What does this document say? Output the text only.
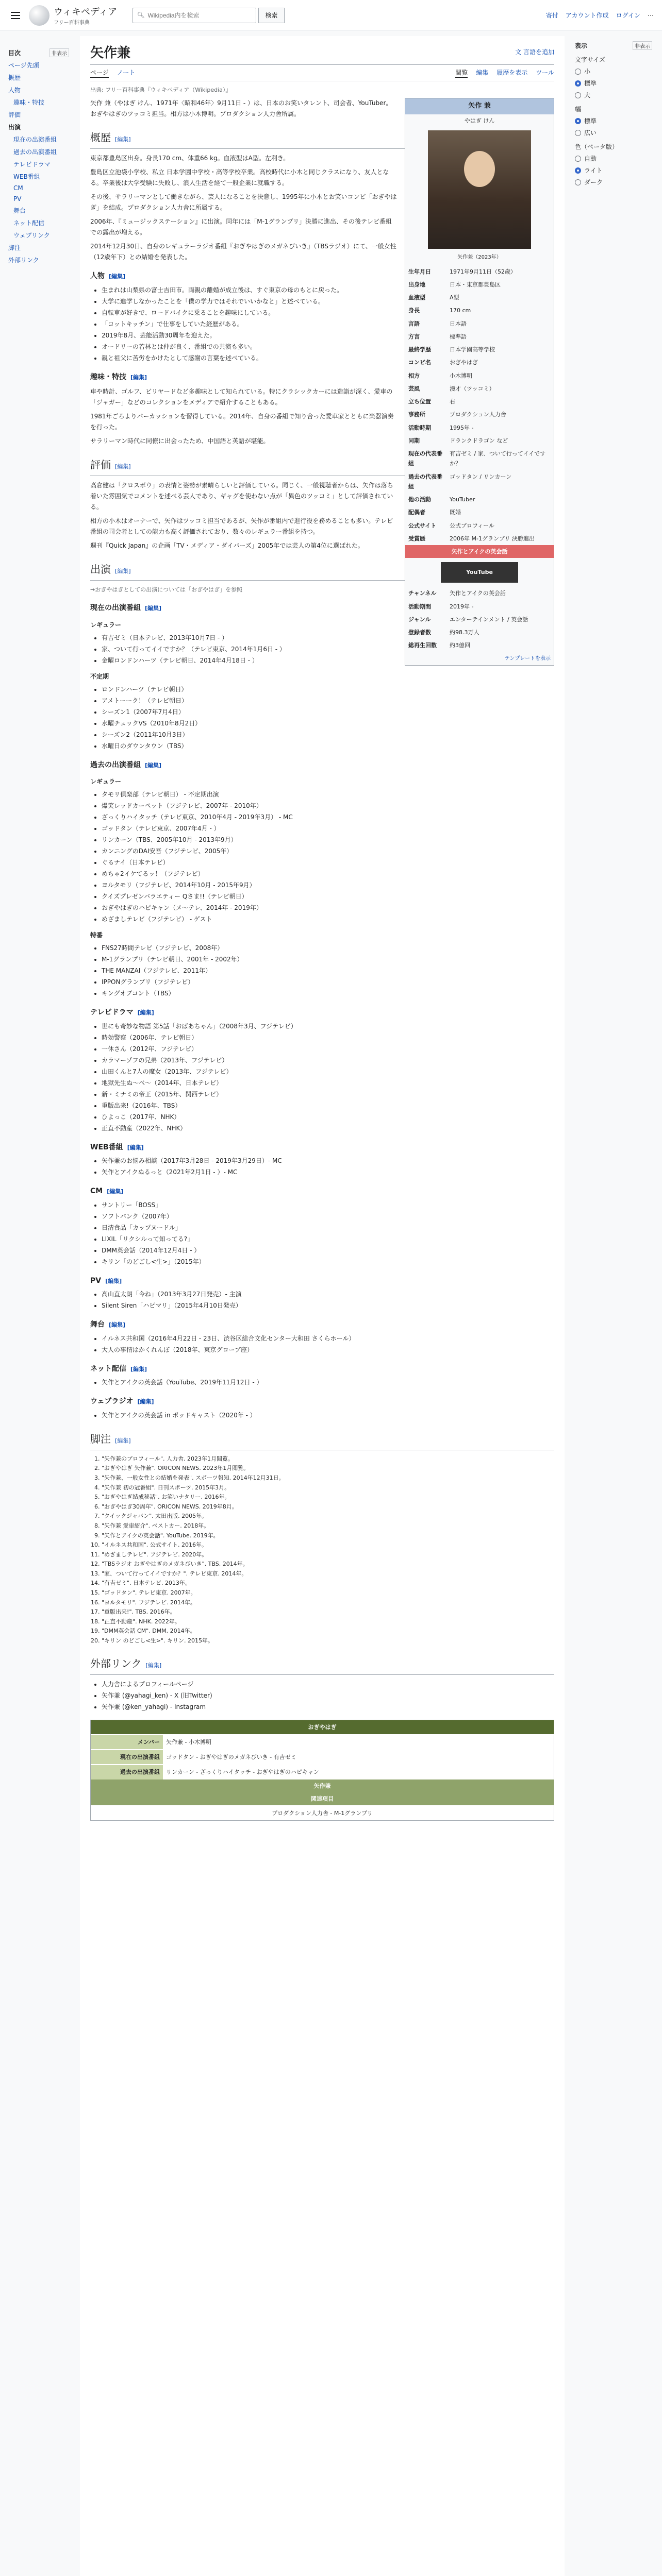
ウィキペディア
フリー百科事典
🔍︎
Wikipedia内を検索	検索	寄付 アカウント作成 ログイン ⋯
目次	非表示
ページ先頭
概歴
人物
趣味・特技
評価
出演
現在の出演番組
過去の出演番組
テレビドラマ
WEB番組
CM
PV
舞台
ネット配信
ウェブリンク
脚注
外部リンク
矢作兼	文 言語を追加
ページ ノート	閲覧 編集 履歴を表示 ツール
出典: フリー百科事典『ウィキペディア（Wikipedia）』
矢作 兼
やはぎ けん
矢作兼（2023年）
生年月日	1971年9月11日（52歳）
出身地	日本・東京都豊島区
血液型	A型
身長	170 cm
言語	日本語
方言	標準語
最終学歴	日本学園高等学校
コンビ名	おぎやはぎ
相方	小木博明
芸風	漫才（ツッコミ）
立ち位置	右
事務所	プロダクション人力舎
活動時期	1995年 -
同期	ドランクドラゴン など
現在の代表番組	有吉ゼミ / 家、ついて行ってイイですか？
過去の代表番組	ゴッドタン / リンカーン
他の活動	YouTuber
配偶者	既婚
公式サイト	公式プロフィール
受賞歴	2006年 M-1グランプリ 決勝進出
矢作とアイクの英会話
YouTube
チャンネル	矢作とアイクの英会話
活動期間	2019年 -
ジャンル	エンターテインメント / 英会話
登録者数	約98.3万人
総再生回数	約3億回
テンプレートを表示

矢作 兼（やはぎ けん、1971年〈昭和46年〉9月11日 - ）は、日本のお笑いタレント、司会者、YouTuber。おぎやはぎのツッコミ担当。相方は小木博明。プロダクション人力舎所属。

概歴 [編集]

東京都豊島区出身。身長170 cm、体重66 kg。血液型はA型。左利き。

豊島区立池袋小学校、私立 日本学園中学校・高等学校卒業。高校時代に小木と同じクラスになり、友人となる。卒業後は大学受験に失敗し、浪人生活を経て一般企業に就職する。

その後、サラリーマンとして働きながら、芸人になることを決意し、1995年に小木とお笑いコンビ「おぎやはぎ」を結成。プロダクション人力舎に所属する。

2006年、『ミュージックステーション』に出演。同年には「M-1グランプリ」決勝に進出、その後テレビ番組での露出が増える。

2014年12月30日、自身のレギュラーラジオ番組『おぎやはぎのメガネびいき』（TBSラジオ）にて、一般女性（12歳年下）との結婚を発表した。

人物 [編集]
• 生まれは山梨県の富士吉田市。両親の離婚が成立後は、すぐ東京の母のもとに戻った。
• 大学に進学しなかったことを「僕の学力ではそれでいいかなと」と述べている。
• 自転車が好きで、ロードバイクに乗ることを趣味にしている。
• 「コットキッチン」で仕事をしていた経歴がある。
• 2019年8月、芸能活動30周年を迎えた。
• オードリーの若林とは仲が良く、番組での共演も多い。
• 親と祖父に苦労をかけたとして感謝の言葉を述べている。
趣味・特技 [編集]

車や時計、ゴルフ、ビリヤードなど多趣味として知られている。特にクラシックカーには造詣が深く、愛車の「ジャガー」などのコレクションをメディアで紹介することもある。

1981年ごろよりパーカッションを習得している。2014年、自身の番組で知り合った愛車家とともに楽器演奏を行った。

サラリーマン時代に同僚に出会ったため、中国語と英語が堪能。

評価 [編集]

高倉健は「クロスボウ」の表情と姿勢が素晴らしいと評価している。同じく、一般視聴者からは、矢作は落ち着いた雰囲気でコメントを述べる芸人であり、ギャグを使わない点が「異色のツッコミ」として評価されている。

相方の小木はオーナーで、矢作はツッコミ担当であるが、矢作が番組内で進行役を務めることも多い。テレビ番組の司会者としての能力も高く評価されており、数々のレギュラー番組を持つ。

週刊『Quick Japan』の企画「TV・メディア・ダイバーズ」2005年では芸人の第4位に選ばれた。

出演 [編集]

→おぎやはぎとしての出演については「おぎやはぎ」を参照

現在の出演番組 [編集]
レギュラー
• 有吉ゼミ（日本テレビ、2013年10月7日 - ）
• 家、ついて行ってイイですか？（テレビ東京、2014年1月6日 - ）
• 金曜ロンドンハーツ（テレビ朝日、2014年4月18日 - ）
不定期
• ロンドンハーツ（テレビ朝日）
• アメトーーク！（テレビ朝日）
• シーズン1（2007年7月4日）
• 水曜チェックVS（2010年8月2日）
• シーズン2（2011年10月3日）
• 水曜日のダウンタウン（TBS）
過去の出演番組 [編集]
レギュラー
• タモリ倶楽部（テレビ朝日） - 不定期出演
• 爆笑レッドカーペット（フジテレビ、2007年 - 2010年）
• ざっくりハイタッチ（テレビ東京、2010年4月 - 2019年3月） - MC
• ゴッドタン（テレビ東京、2007年4月 - ）
• リンカーン（TBS、2005年10月 - 2013年9月）
• カンニングのDAI安吾（フジテレビ、2005年）
• ぐるナイ（日本テレビ）
• めちゃ2イケてるッ！（フジテレビ）
• ヨルタモリ（フジテレビ、2014年10月 - 2015年9月）
• クイズプレゼンバラエティー Qさま!!（テレビ朝日）
• おぎやはぎのハピキャン（メ〜テレ、2014年 - 2019年）
• めざましテレビ（フジテレビ） - ゲスト
特番
• FNS27時間テレビ（フジテレビ、2008年）
• M-1グランプリ（テレビ朝日、2001年 - 2002年）
• THE MANZAI（フジテレビ、2011年）
• IPPONグランプリ（フジテレビ）
• キングオブコント（TBS）
テレビドラマ [編集]
• 世にも奇妙な物語 第5話「おばあちゃん」（2008年3月、フジテレビ）
• 時効警察（2006年、テレビ朝日）
• 一休さん（2012年、フジテレビ）
• カラマーゾフの兄弟（2013年、フジテレビ）
• 山田くんと7人の魔女（2013年、フジテレビ）
• 地獄先生ぬ〜べ〜（2014年、日本テレビ）
• 新・ミナミの帝王（2015年、関西テレビ）
• 重版出来!（2016年、TBS）
• ひよっこ（2017年、NHK）
• 正直不動産（2022年、NHK）
WEB番組 [編集]
• 矢作兼のお悩み相談（2017年3月28日 - 2019年3月29日）- MC
• 矢作とアイクぬるっと（2021年2月1日 - ）- MC
CM [編集]
• サントリー「BOSS」
• ソフトバンク（2007年）
• 日清食品「カップヌードル」
• LIXIL「リクシルって知ってる?」
• DMM英会話（2014年12月4日 - ）
• キリン「のどごし<生>」（2015年）
PV [編集]
• 高山直太朗「今ね」（2013年3月27日発売）- 主演
• Silent Siren「ハピマリ」（2015年4月10日発売）
舞台 [編集]
• イルネス共和国（2016年4月22日 - 23日、渋谷区総合文化センター大和田 さくらホール）
• 大人の事情はかくれんぼ（2018年、東京グローブ座）
ネット配信 [編集]
• 矢作とアイクの英会話（YouTube、2019年11月12日 - ）
ウェブラジオ [編集]
• 矢作とアイクの英会話 in ポッドキャスト（2020年 - ）
脚注 [編集]
1. "矢作兼のプロフィール". 人力舎. 2023年1月閲覧。
2. "おぎやはぎ 矢作兼". ORICON NEWS. 2023年1月閲覧。
3. "矢作兼、一般女性との結婚を発表". スポーツ報知. 2014年12月31日。
4. "矢作兼 初の冠番組". 日刊スポーツ. 2015年3月。
5. "おぎやはぎ結成秘話". お笑いナタリー. 2016年。
6. "おぎやはぎ30周年". ORICON NEWS. 2019年8月。
7. "クイックジャパン". 太田出版. 2005年。
8. "矢作兼 愛車紹介". ベストカー. 2018年。
9. "矢作とアイクの英会話". YouTube. 2019年。
10. "イルネス共和国". 公式サイト. 2016年。
11. "めざましテレビ". フジテレビ. 2020年。
12. "TBSラジオ おぎやはぎのメガネびいき". TBS. 2014年。
13. "家、ついて行ってイイですか？". テレビ東京. 2014年。
14. "有吉ゼミ". 日本テレビ. 2013年。
15. "ゴッドタン". テレビ東京. 2007年。
16. "ヨルタモリ". フジテレビ. 2014年。
17. "重版出来!". TBS. 2016年。
18. "正直不動産". NHK. 2022年。
19. "DMM英会話 CM". DMM. 2014年。
20. "キリン のどごし<生>". キリン. 2015年。
外部リンク [編集]
• 人力舎によるプロフィールページ
• 矢作兼 (@yahagi_ken) - X (旧Twitter)
• 矢作兼 (@ken_yahagi) - Instagram
おぎやはぎ
メンバー	矢作兼 - 小木博明
現在の出演番組	ゴッドタン - おぎやはぎのメガネびいき - 有吉ゼミ
過去の出演番組	リンカーン - ざっくりハイタッチ - おぎやはぎのハピキャン
矢作兼
関連項目
プロダクション人力舎 - M-1グランプリ
表示	非表示
文字サイズ
小
標準
大
幅
標準
広い
色（ベータ版）
自動
ライト
ダーク
